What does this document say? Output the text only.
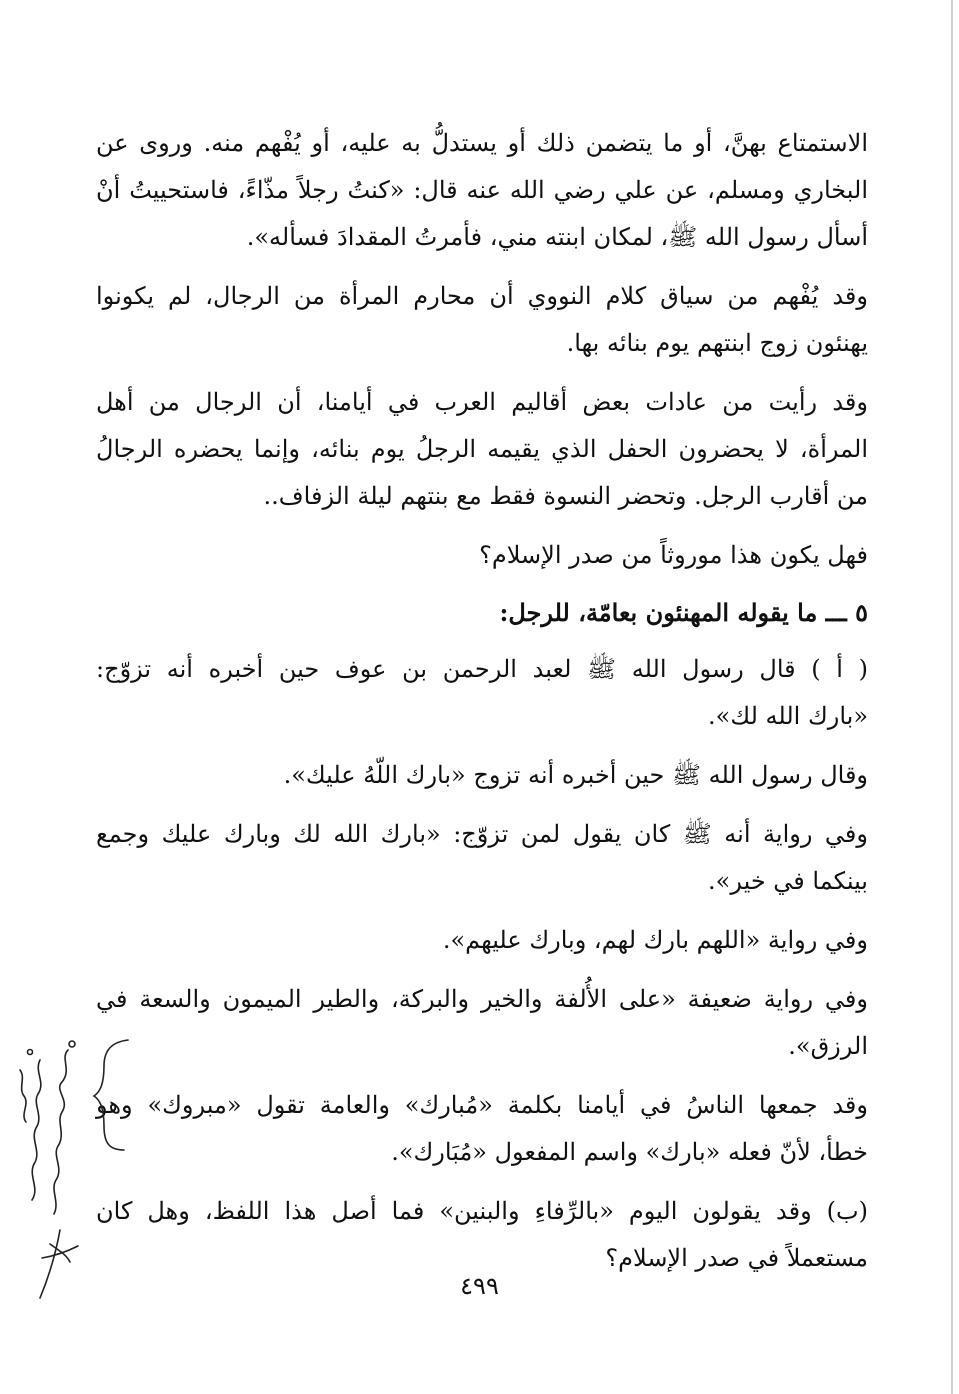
الاستمتاع بهنَّ، أو ما يتضمن ذلك أو يستدلُّ به عليه، أو يُفْهم منه. وروى عن
البخاري ومسلم، عن علي رضي الله عنه قال: «كنتُ رجلاً مذّاءً، فاستحييتُ أنْ
أسأل رسول الله ﷺ، لمكان ابنته مني، فأمرتُ المقدادَ فسأله».
وقد يُفْهم من سياق كلام النووي أن محارم المرأة من الرجال، لم يكونوا
يهنئون زوج ابنتهم يوم بنائه بها.
وقد رأيت من عادات بعض أقاليم العرب في أيامنا، أن الرجال من أهل
المرأة، لا يحضرون الحفل الذي يقيمه الرجلُ يوم بنائه، وإنما يحضره الرجالُ
من أقارب الرجل. وتحضر النسوة فقط مع بنتهم ليلة الزفاف..
فهل يكون هذا موروثاً من صدر الإسلام؟
٥ ـــ ما يقوله المهنئون بعامّة، للرجل:
( أ ) قال رسول الله ﷺ لعبد الرحمن بن عوف حين أخبره أنه تزوّج:
«بارك الله لك».
وقال رسول الله ﷺ حين أخبره أنه تزوج «بارك اللّهُ عليك».
وفي رواية أنه ﷺ كان يقول لمن تزوّج: «بارك الله لك وبارك عليك وجمع
بينكما في خير».
وفي رواية «اللهم بارك لهم، وبارك عليهم».
وفي رواية ضعيفة «على الأُلفة والخير والبركة، والطير الميمون والسعة في
الرزق».
وقد جمعها الناسُ في أيامنا بكلمة «مُبارك» والعامة تقول «مبروك» وهو
خطأ، لأنّ فعله «بارك» واسم المفعول «مُبَارك».
(ب) وقد يقولون اليوم «بالرِّفاءِ والبنين» فما أصل هذا اللفظ، وهل كان
مستعملاً في صدر الإسلام؟
٤٩٩
